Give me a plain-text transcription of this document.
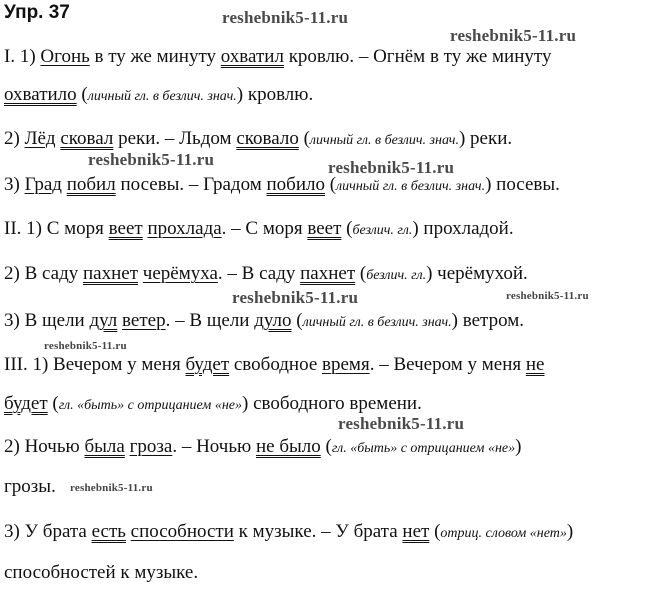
Упр. 37
I. 1) Огонь в ту же минуту охватил кровлю. – Огнём в ту же минуту
охватило (личный гл. в безлич. знач.) кровлю.
2) Лёд сковал реки. – Льдом сковало (личный гл. в безлич. знач.) реки.
3) Град побил посевы. – Градом побило (личный гл. в безлич. знач.) посевы.
II. 1) С моря веет прохлада. – С моря веет (безлич. гл.) прохладой.
2) В саду пахнет черёмуха. – В саду пахнет (безлич. гл.) черёмухой.
3) В щели дул ветер. – В щели дуло (личный гл. в безлич. знач.) ветром.
III. 1) Вечером у меня будет свободное время. – Вечером у меня не
будет (гл. «быть» с отрицанием «не») свободного времени.
2) Ночью была гроза. – Ночью не было (гл. «быть» с отрицанием «не»)
грозы.
3) У брата есть способности к музыке. – У брата нет (отриц. словом «нет»)
способностей к музыке.
reshebnik5-11.ru
reshebnik5-11.ru
reshebnik5-11.ru	reshebnik5-11.ru
reshebnik5-11.ru	reshebnik5-11.ru
reshebnik5-11.ru
reshebnik5-11.ru
reshebnik5-11.ru
